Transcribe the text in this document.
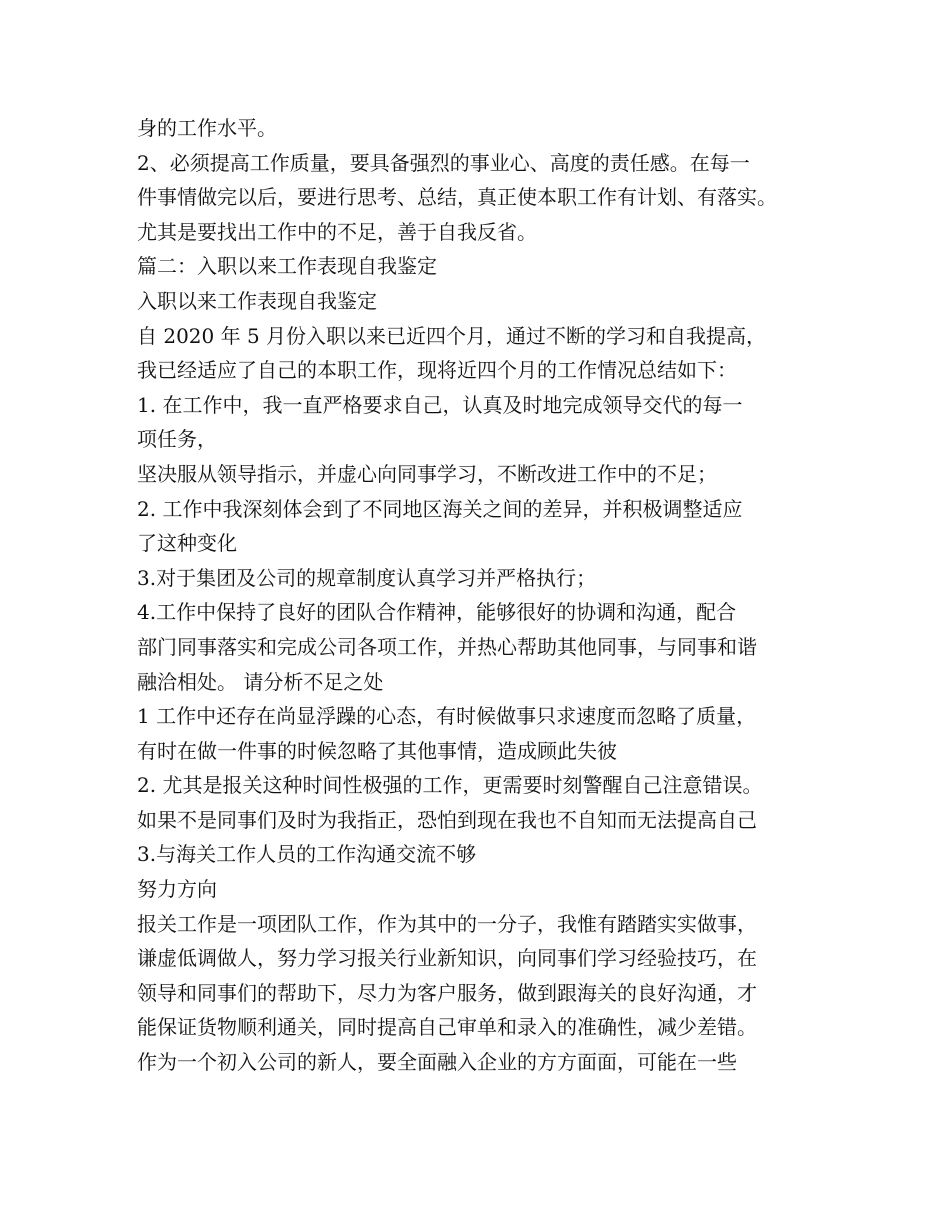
身的工作水平。
2、必须提高工作质量，要具备强烈的事业心、高度的责任感。在每一
件事情做完以后，要进行思考、总结，真正使本职工作有计划、有落实。
尤其是要找出工作中的不足，善于自我反省。
篇二：入职以来工作表现自我鉴定
入职以来工作表现自我鉴定
自 2020 年 5 月份入职以来已近四个月，通过不断的学习和自我提高，
我已经适应了自己的本职工作，现将近四个月的工作情况总结如下：
1. 在工作中，我一直严格要求自己，认真及时地完成领导交代的每一
项任务，
坚决服从领导指示，并虚心向同事学习，不断改进工作中的不足；
2. 工作中我深刻体会到了不同地区海关之间的差异，并积极调整适应
了这种变化
3.对于集团及公司的规章制度认真学习并严格执行；
4.工作中保持了良好的团队合作精神，能够很好的协调和沟通，配合
部门同事落实和完成公司各项工作，并热心帮助其他同事，与同事和谐
融洽相处。 请分析不足之处
1 工作中还存在尚显浮躁的心态，有时候做事只求速度而忽略了质量，
有时在做一件事的时候忽略了其他事情，造成顾此失彼
2. 尤其是报关这种时间性极强的工作，更需要时刻警醒自己注意错误。
如果不是同事们及时为我指正，恐怕到现在我也不自知而无法提高自己
3.与海关工作人员的工作沟通交流不够
努力方向
报关工作是一项团队工作，作为其中的一分子，我惟有踏踏实实做事，
谦虚低调做人，努力学习报关行业新知识，向同事们学习经验技巧，在
领导和同事们的帮助下，尽力为客户服务，做到跟海关的良好沟通，才
能保证货物顺利通关，同时提高自己审单和录入的准确性，减少差错。
作为一个初入公司的新人，要全面融入企业的方方面面，可能在一些
